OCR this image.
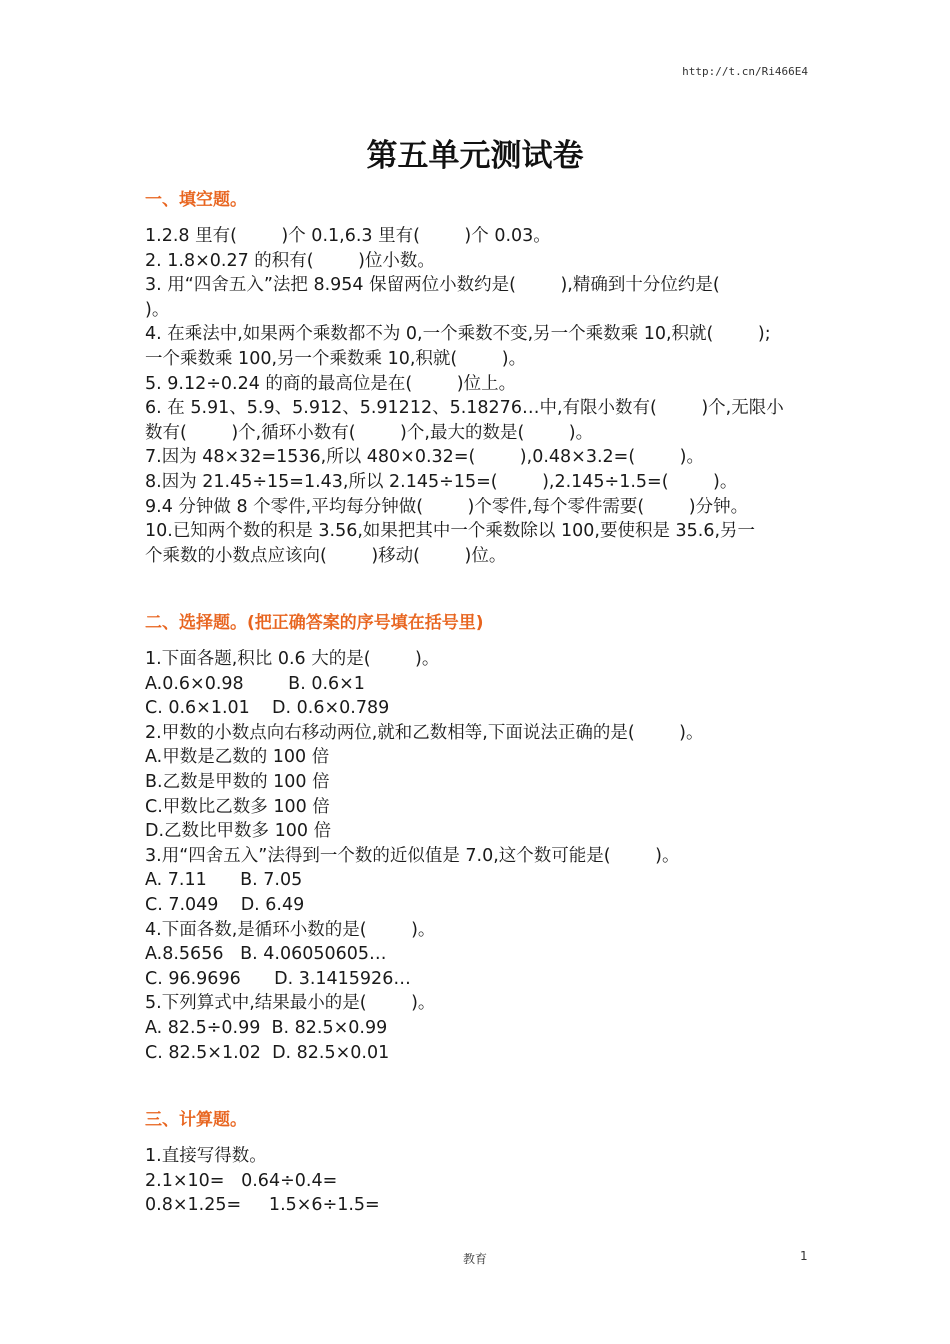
http://t.cn/Ri466E4
第五单元测试卷
一、填空题。

1.2.8 里有(        )个 0.1,6.3 里有(        )个 0.03。

2. 1.8×0.27 的积有(        )位小数。

3. 用“四舍五入”法把 8.954 保留两位小数约是(        ),精确到十分位约是(

)。

4. 在乘法中,如果两个乘数都不为 0,一个乘数不变,另一个乘数乘 10,积就(        );

一个乘数乘 100,另一个乘数乘 10,积就(        )。

5. 9.12÷0.24 的商的最高位是在(        )位上。

6. 在 5.91、5.9、5.912、5.91212、5.18276…中,有限小数有(        )个,无限小

数有(        )个,循环小数有(        )个,最大的数是(        )。

7.因为 48×32=1536,所以 480×0.32=(        ),0.48×3.2=(        )。

8.因为 21.45÷15=1.43,所以 2.145÷15=(        ),2.145÷1.5=(        )。

9.4 分钟做 8 个零件,平均每分钟做(        )个零件,每个零件需要(        )分钟。

10.已知两个数的积是 3.56,如果把其中一个乘数除以 100,要使积是 35.6,另一

个乘数的小数点应该向(        )移动(        )位。

二、选择题。(把正确答案的序号填在括号里)

1.下面各题,积比 0.6 大的是(        )。

A.0.6×0.98        B. 0.6×1

C. 0.6×1.01    D. 0.6×0.789

2.甲数的小数点向右移动两位,就和乙数相等,下面说法正确的是(        )。

A.甲数是乙数的 100 倍

B.乙数是甲数的 100 倍

C.甲数比乙数多 100 倍

D.乙数比甲数多 100 倍

3.用“四舍五入”法得到一个数的近似值是 7.0,这个数可能是(        )。

A. 7.11      B. 7.05

C. 7.049    D. 6.49

4.下面各数,是循环小数的是(        )。

A.8.5656   B. 4.06050605…

C. 96.9696      D. 3.1415926…

5.下列算式中,结果最小的是(        )。

A. 82.5÷0.99  B. 82.5×0.99

C. 82.5×1.02  D. 82.5×0.01

三、计算题。

1.直接写得数。

2.1×10=   0.64÷0.4=

0.8×1.25=     1.5×6÷1.5=

教育	1
